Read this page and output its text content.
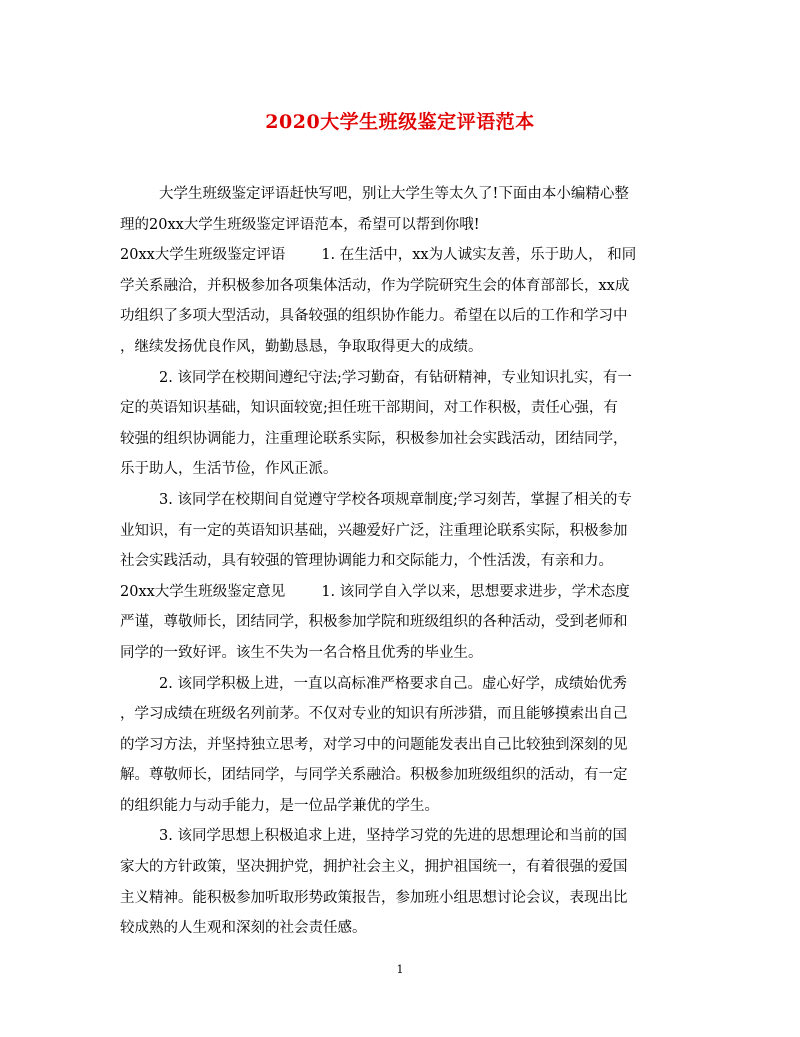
2020大学生班级鉴定评语范本
大学生班级鉴定评语赶快写吧，别让大学生等太久了!下面由本小编精心整
理的20xx大学生班级鉴定评语范本，希望可以帮到你哦!
20xx大学生班级鉴定评语 1. 在生活中，xx为人诚实友善，乐于助人， 和同
学关系融洽，并积极参加各项集体活动，作为学院研究生会的体育部部长，xx成
功组织了多项大型活动，具备较强的组织协作能力。希望在以后的工作和学习中
，继续发扬优良作风，勤勤恳恳，争取取得更大的成绩。
2. 该同学在校期间遵纪守法;学习勤奋，有钻研精神，专业知识扎实，有一
定的英语知识基础，知识面较宽;担任班干部期间，对工作积极，责任心强，有
较强的组织协调能力，注重理论联系实际，积极参加社会实践活动，团结同学，
乐于助人，生活节俭，作风正派。
3. 该同学在校期间自觉遵守学校各项规章制度;学习刻苦，掌握了相关的专
业知识，有一定的英语知识基础，兴趣爱好广泛，注重理论联系实际，积极参加
社会实践活动，具有较强的管理协调能力和交际能力，个性活泼，有亲和力。
20xx大学生班级鉴定意见 1. 该同学自入学以来，思想要求进步，学术态度
严谨，尊敬师长，团结同学，积极参加学院和班级组织的各种活动，受到老师和
同学的一致好评。该生不失为一名合格且优秀的毕业生。
2. 该同学积极上进，一直以高标准严格要求自己。虚心好学，成绩始优秀
，学习成绩在班级名列前茅。不仅对专业的知识有所涉猎，而且能够摸索出自己
的学习方法，并坚持独立思考，对学习中的问题能发表出自己比较独到深刻的见
解。尊敬师长，团结同学，与同学关系融洽。积极参加班级组织的活动，有一定
的组织能力与动手能力，是一位品学兼优的学生。
3. 该同学思想上积极追求上进，坚持学习党的先进的思想理论和当前的国
家大的方针政策，坚决拥护党，拥护社会主义，拥护祖国统一，有着很强的爱国
主义精神。能积极参加听取形势政策报告，参加班小组思想讨论会议，表现出比
较成熟的人生观和深刻的社会责任感。
1
